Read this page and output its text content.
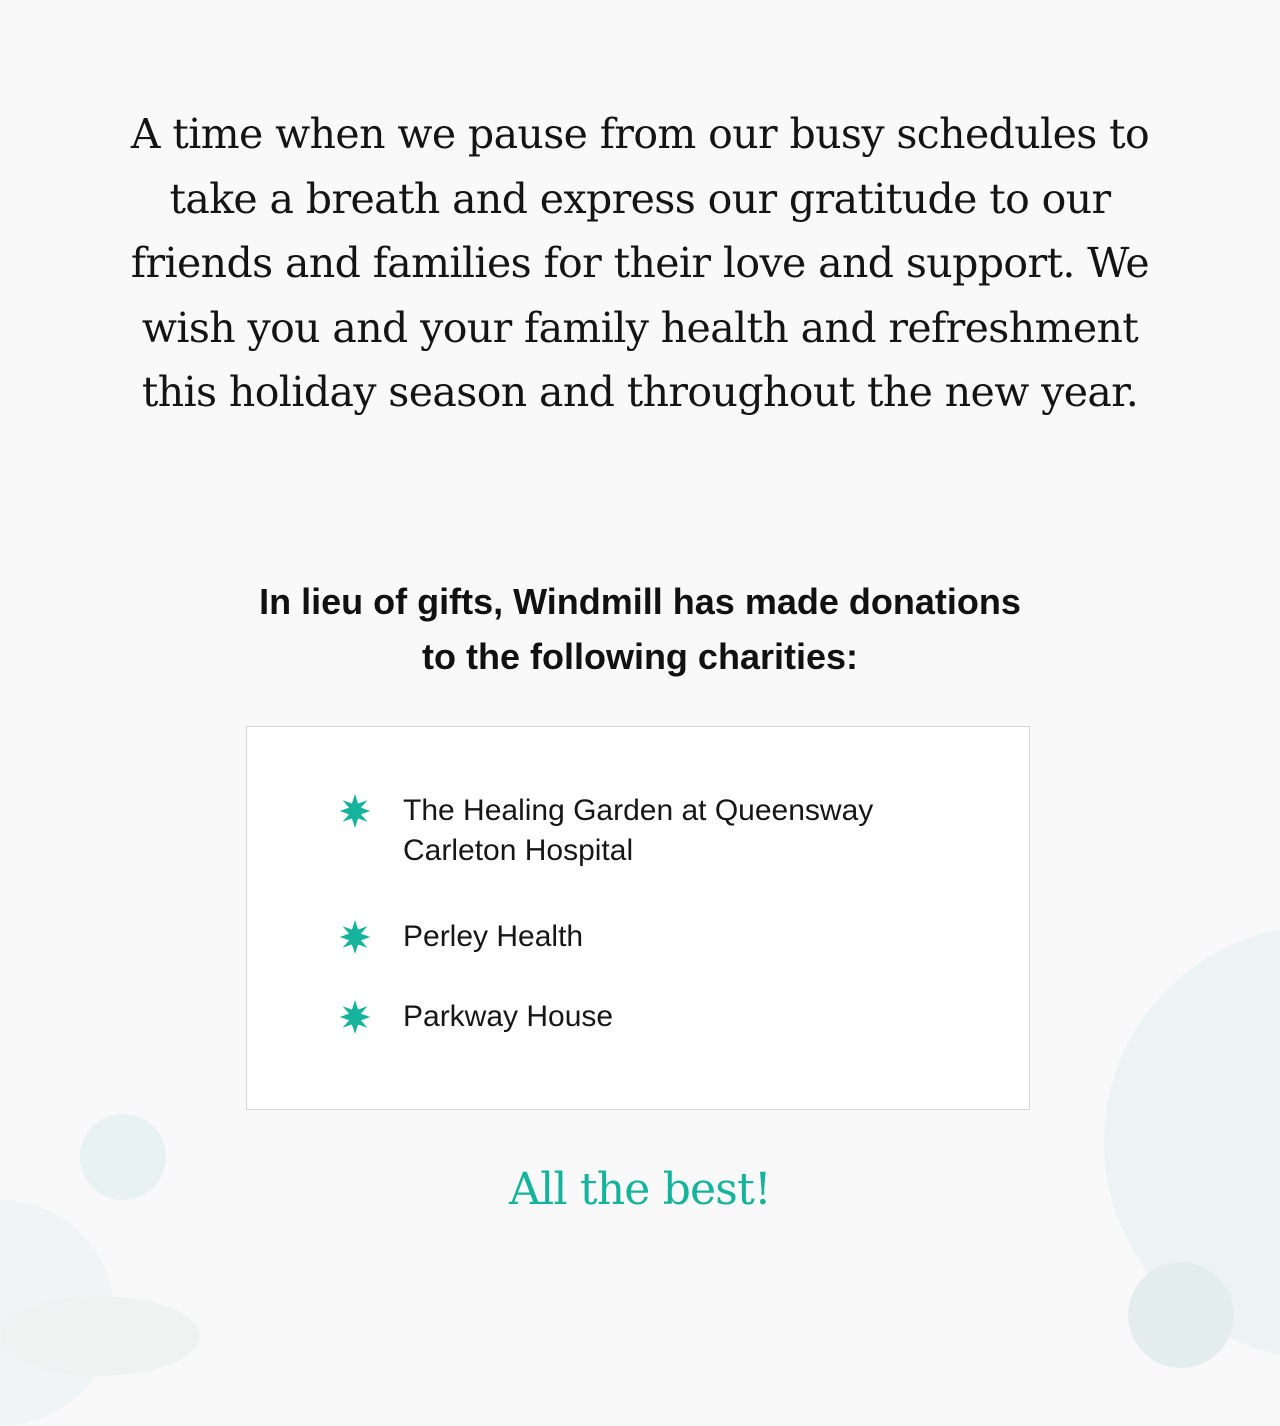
A time when we pause from our busy schedules to take a breath and express our gratitude to our friends and families for their love and support. We wish you and your family health and refreshment this holiday season and throughout the new year.

In lieu of gifts, Windmill has made donations
to the following charities:
The Healing Garden at Queensway
Carleton Hospital
Perley Health
Parkway House

All the best!
